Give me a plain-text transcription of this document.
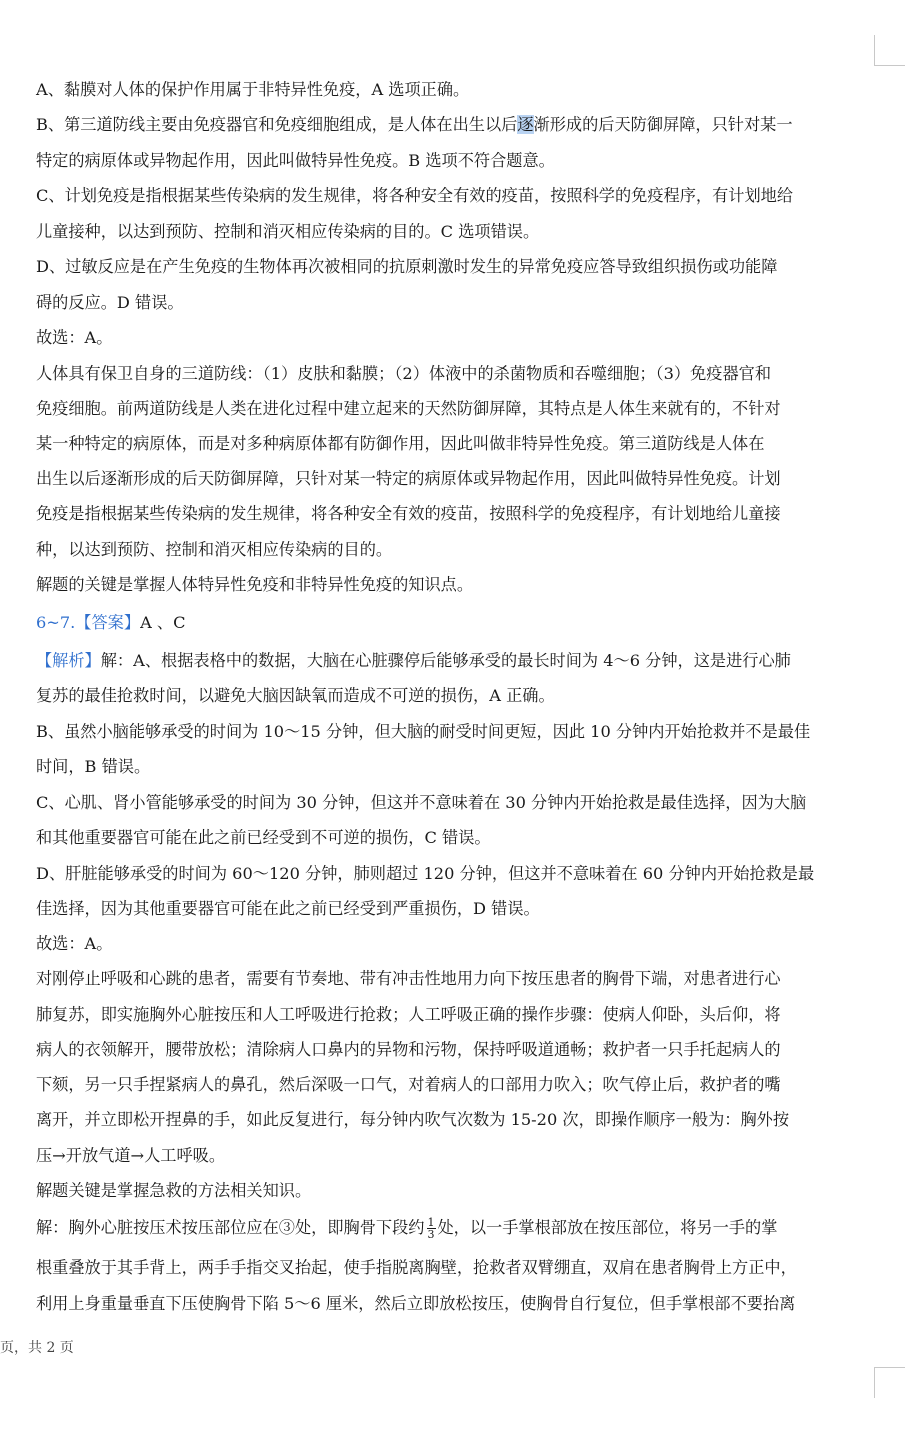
A、黏膜对人体的保护作用属于非特异性免疫，A 选项正确。
B、第三道防线主要由免疫器官和免疫细胞组成，是人体在出生以后逐渐形成的后天防御屏障，只针对某一
特定的病原体或异物起作用，因此叫做特异性免疫。B 选项不符合题意。
C、计划免疫是指根据某些传染病的发生规律，将各种安全有效的疫苗，按照科学的免疫程序，有计划地给
儿童接种，以达到预防、控制和消灭相应传染病的目的。C 选项错误。
D、过敏反应是在产生免疫的生物体再次被相同的抗原刺激时发生的异常免疫应答导致组织损伤或功能障
碍的反应。D 错误。
故选：A。
人体具有保卫自身的三道防线：（1）皮肤和黏膜；（2）体液中的杀菌物质和吞噬细胞；（3）免疫器官和
免疫细胞。前两道防线是人类在进化过程中建立起来的天然防御屏障，其特点是人体生来就有的，不针对
某一种特定的病原体，而是对多种病原体都有防御作用，因此叫做非特异性免疫。第三道防线是人体在
出生以后逐渐形成的后天防御屏障，只针对某一特定的病原体或异物起作用，因此叫做特异性免疫。计划
免疫是指根据某些传染病的发生规律，将各种安全有效的疫苗，按照科学的免疫程序，有计划地给儿童接
种，以达到预防、控制和消灭相应传染病的目的。
解题的关键是掌握人体特异性免疫和非特异性免疫的知识点。
6~7.【答案】A 、C
【解析】解：A、根据表格中的数据，大脑在心脏骤停后能够承受的最长时间为 4～6 分钟，这是进行心肺
复苏的最佳抢救时间，以避免大脑因缺氧而造成不可逆的损伤，A 正确。
B、虽然小脑能够承受的时间为 10～15 分钟，但大脑的耐受时间更短，因此 10 分钟内开始抢救并不是最佳
时间，B 错误。
C、心肌、肾小管能够承受的时间为 30 分钟，但这并不意味着在 30 分钟内开始抢救是最佳选择，因为大脑
和其他重要器官可能在此之前已经受到不可逆的损伤，C 错误。
D、肝脏能够承受的时间为 60～120 分钟，肺则超过 120 分钟，但这并不意味着在 60 分钟内开始抢救是最
佳选择，因为其他重要器官可能在此之前已经受到严重损伤，D 错误。
故选：A。
对刚停止呼吸和心跳的患者，需要有节奏地、带有冲击性地用力向下按压患者的胸骨下端，对患者进行心
肺复苏，即实施胸外心脏按压和人工呼吸进行抢救；人工呼吸正确的操作步骤：使病人仰卧，头后仰，将
病人的衣领解开，腰带放松；清除病人口鼻内的异物和污物，保持呼吸道通畅；救护者一只手托起病人的
下颏，另一只手捏紧病人的鼻孔，然后深吸一口气，对着病人的口部用力吹入；吹气停止后，救护者的嘴
离开，并立即松开捏鼻的手，如此反复进行，每分钟内吹气次数为 15-20 次，即操作顺序一般为：胸外按
压→开放气道→人工呼吸。
解题关键是掌握急救的方法相关知识。
解：胸外心脏按压术按压部位应在③处，即胸骨下段约 $\frac{1}{3}$ 处，以一手掌根部放在按压部位，将另一手的掌
根重叠放于其手背上，两手手指交叉抬起，使手指脱离胸壁，抢救者双臂绷直，双肩在患者胸骨上方正中，
利用上身重量垂直下压使胸骨下陷 5～6 厘米，然后立即放松按压，使胸骨自行复位，但手掌根部不要抬离
页，共 2 页
